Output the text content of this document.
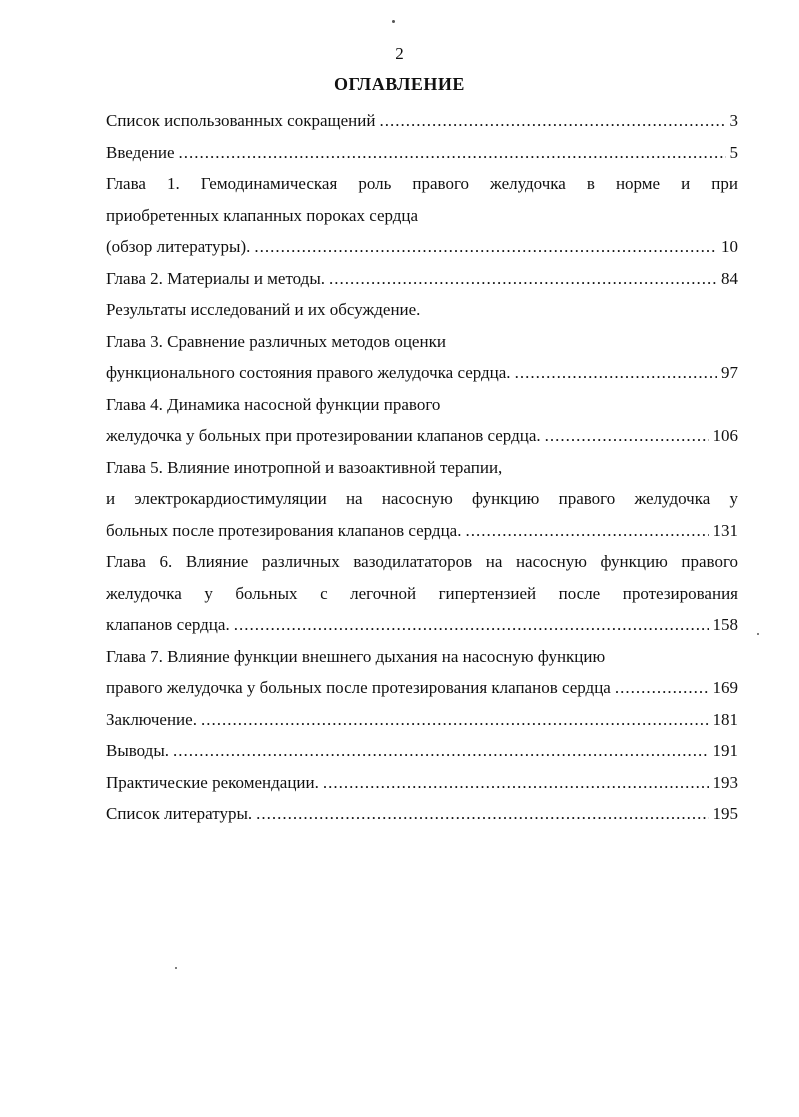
2
ОГЛАВЛЕНИЕ
Список использованных сокращений .....	3
Введение .....	5
Глава 1. Гемодинамическая роль правого желудочка в норме и при
приобретенных клапанных пороках сердца
(обзор литературы). .....	10
Глава 2. Материалы и методы. .....	84
Результаты исследований и их обсуждение.
Глава 3. Сравнение различных методов оценки
функционального состояния правого желудочка сердца. .....	97
Глава 4. Динамика насосной функции правого
желудочка у больных при протезировании клапанов сердца. .....	106
Глава 5. Влияние инотропной и вазоактивной терапии,
и электрокардиостимуляции на насосную функцию правого желудочка у
больных после протезирования клапанов сердца. .....	131
Глава 6. Влияние различных вазодилататоров на насосную функцию правого
желудочка у больных с легочной гипертензией после протезирования
клапанов сердца. .....	158
Глава 7. Влияние функции внешнего дыхания на насосную функцию
правого желудочка у больных после протезирования клапанов сердца .....	169
Заключение. .....	181
Выводы. .....	191
Практические рекомендации. .....	193
Список литературы. .....	195
